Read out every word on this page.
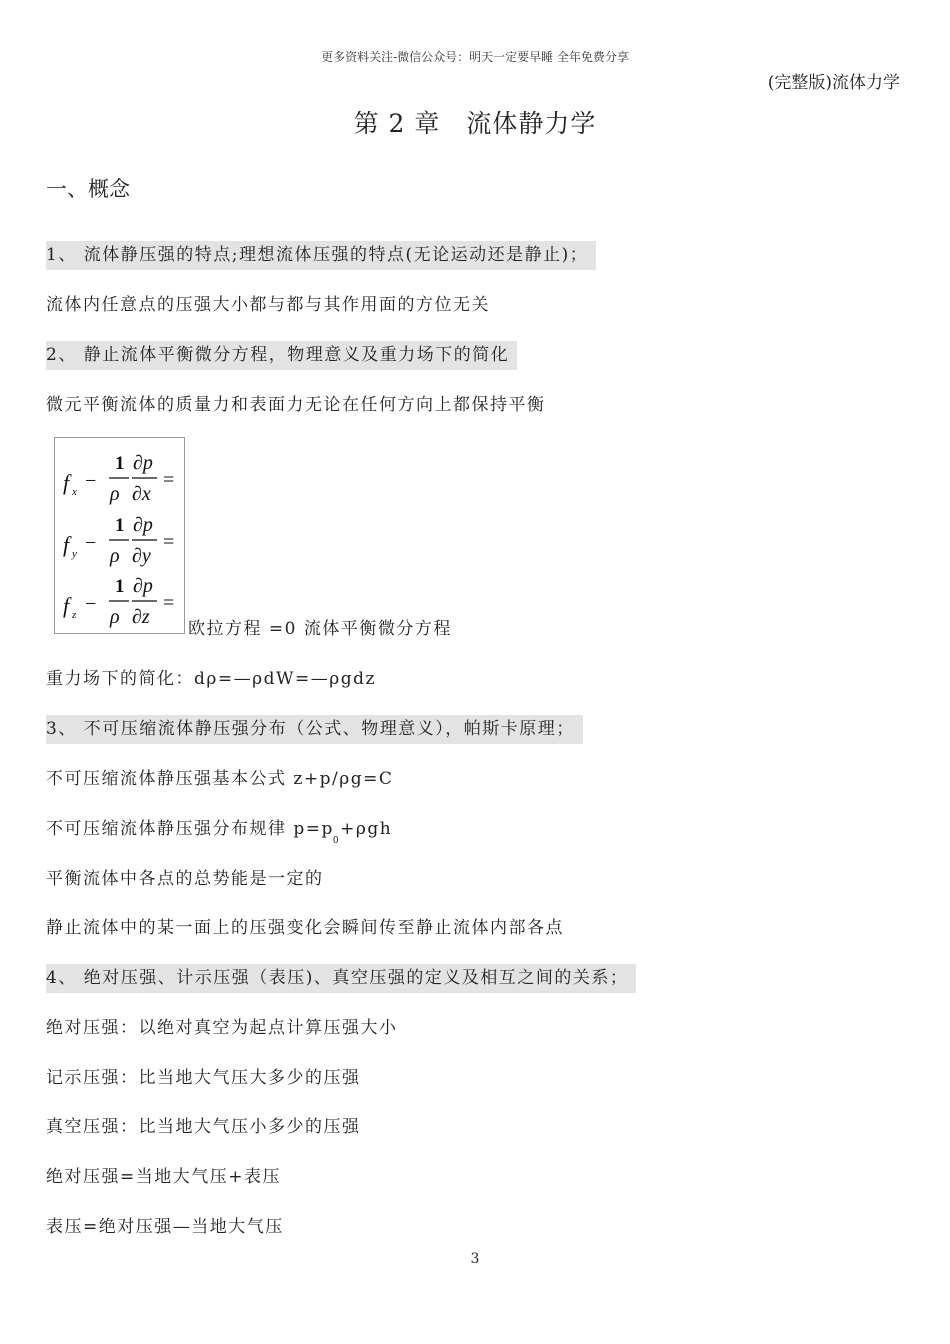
更多资料关注-微信公众号：明天一定要早睡 全年免费分享
(完整版)流体力学
第 2 章　流体静力学
一、概念
1、 流体静压强的特点;理想流体压强的特点(无论运动还是静止)；
流体内任意点的压强大小都与都与其作用面的方位无关
2、 静止流体平衡微分方程，物理意义及重力场下的简化
微元平衡流体的质量力和表面力无论在任何方向上都保持平衡
f x −
1
ρ
∂p
∂x
=
f y −
1
ρ
∂p
∂y
=
f z −
1
ρ
∂p
∂z
=
欧拉方程 =0 流体平衡微分方程
重力场下的简化：dρ=—ρdW=—ρgdz
3、 不可压缩流体静压强分布（公式、物理意义），帕斯卡原理；
不可压缩流体静压强基本公式 z+p/ρg=C
不可压缩流体静压强分布规律 $p=p_0+\rho gh$
平衡流体中各点的总势能是一定的
静止流体中的某一面上的压强变化会瞬间传至静止流体内部各点
4、 绝对压强、计示压强（表压)、真空压强的定义及相互之间的关系；
绝对压强：以绝对真空为起点计算压强大小
记示压强：比当地大气压大多少的压强
真空压强：比当地大气压小多少的压强
绝对压强=当地大气压+表压
表压=绝对压强—当地大气压
3
